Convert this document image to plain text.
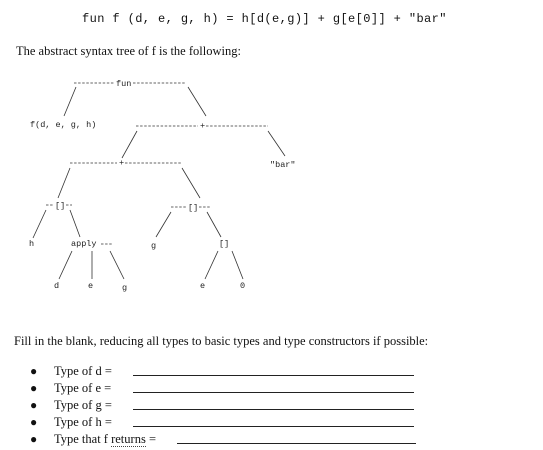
fun f (d, e, g, h) = h[d(e,g)] + g[e[0]] + "bar"
The abstract syntax tree of f is the following:
fun
f(d, e, g, h)	+
"bar"
+
[]
h	apply
d	e	g
[]
g	[]
e	0
Fill in the blank, reducing all types to basic types and type constructors if possible:
● Type of d =
● Type of e =
● Type of g =
● Type of h =
● Type that f returns =
